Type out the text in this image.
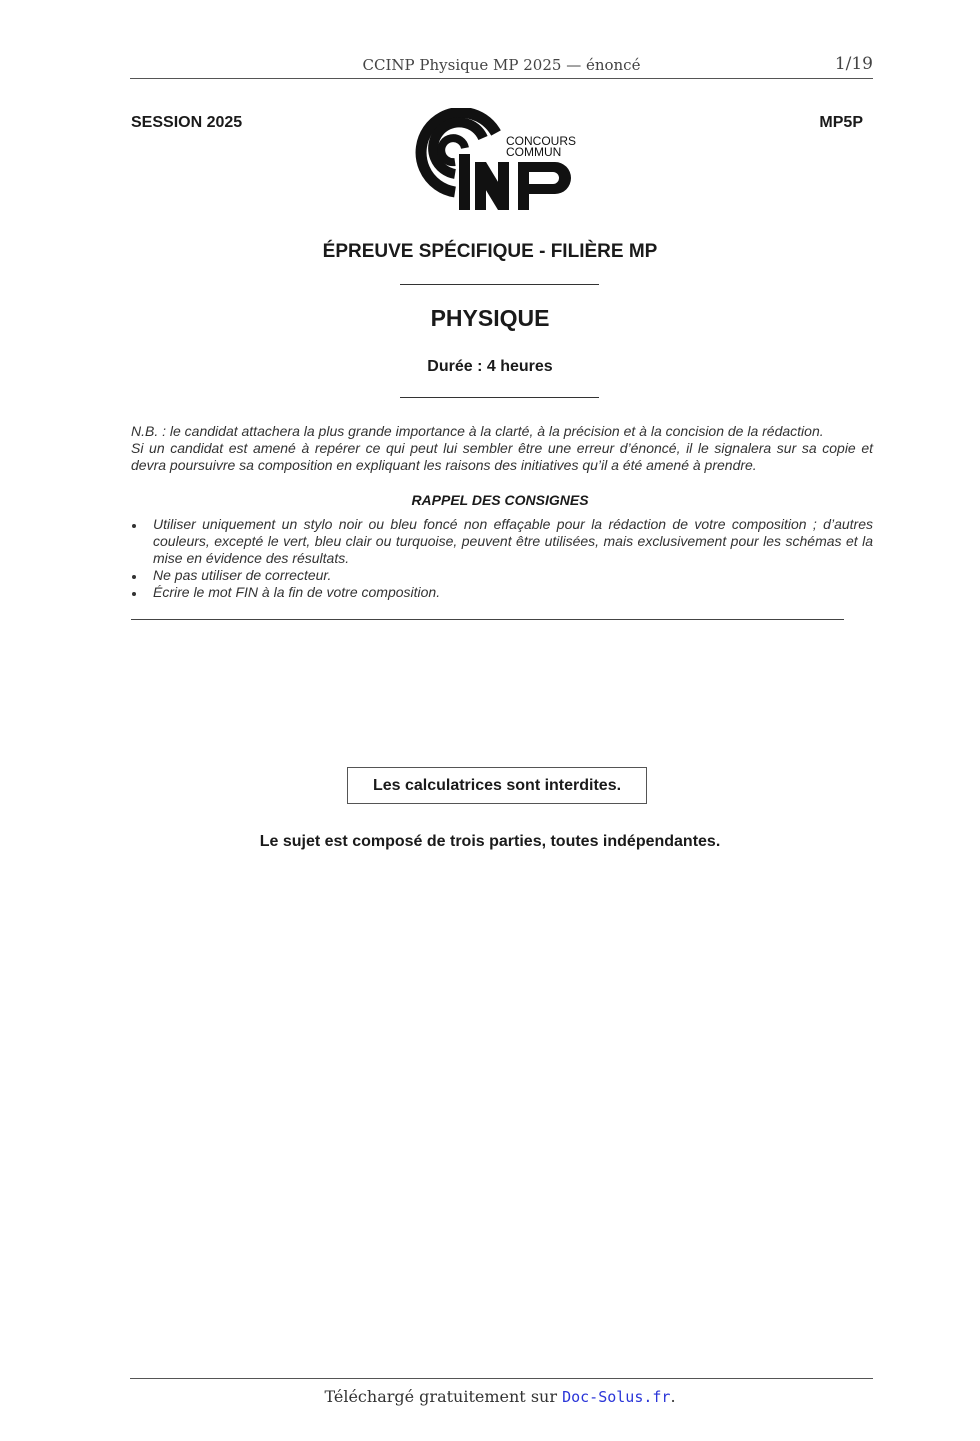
CCINP Physique MP 2025 — énoncé	1/19
SESSION 2025	MP5P
CONCOURS
COMMUN
ÉPREUVE SPÉCIFIQUE - FILIÈRE MP
PHYSIQUE
Durée : 4 heures

N.B. : le candidat attachera la plus grande importance à la clarté, à la précision et à la concision de la rédaction.

Si un candidat est amené à repérer ce qui peut lui sembler être une erreur d’énoncé, il le signalera sur sa copie et devra poursuivre sa composition en expliquant les raisons des initiatives qu’il a été amené à prendre.

RAPPEL DES CONSIGNES
Utiliser uniquement un stylo noir ou bleu foncé non effaçable pour la rédaction de votre composition ; d’autres couleurs, excepté le vert, bleu clair ou turquoise, peuvent être utilisées, mais exclusivement pour les schémas et la mise en évidence des résultats.
Ne pas utiliser de correcteur.
Écrire le mot FIN à la fin de votre composition.
Les calculatrices sont interdites.
Le sujet est composé de trois parties, toutes indépendantes.
Téléchargé gratuitement sur Doc-Solus.fr.
